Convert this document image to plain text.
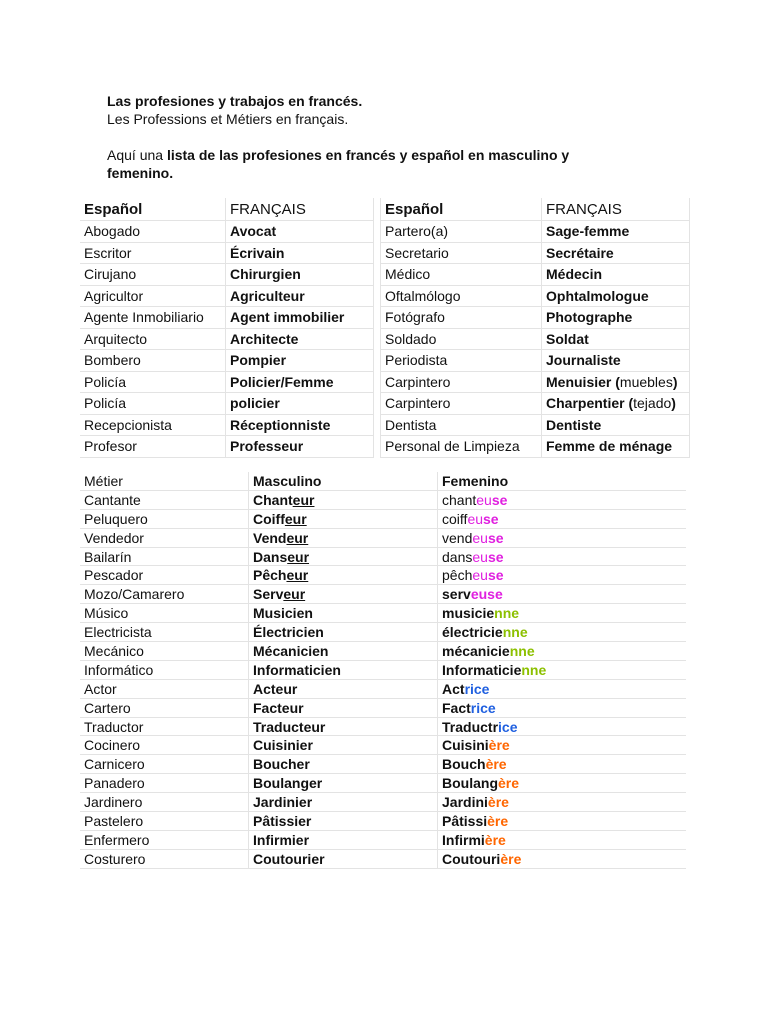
Las profesiones y trabajos en francés.
Les Professions et Métiers en français.
Aquí una lista de las profesiones en francés y español en masculino y femenino.
Español	FRANÇAIS		Español	FRANÇAIS
Abogado	Avocat		Partero(a)	Sage-femme
Escritor	Écrivain		Secretario	Secrétaire
Cirujano	Chirurgien		Médico	Médecin
Agricultor	Agriculteur		Oftalmólogo	Ophtalmologue
Agente Inmobiliario	Agent immobilier		Fotógrafo	Photographe
Arquitecto	Architecte		Soldado	Soldat
Bombero	Pompier		Periodista	Journaliste
Policía	Policier/Femme		Carpintero	Menuisier (muebles)
Policía	policier		Carpintero	Charpentier (tejado)
Recepcionista	Réceptionniste		Dentista	Dentiste
Profesor	Professeur		Personal de Limpieza	Femme de ménage
Métier	Masculino	Femenino
Cantante	Chanteur	chanteuse
Peluquero	Coiffeur	coiffeuse
Vendedor	Vendeur	vendeuse
Bailarín	Danseur	danseuse
Pescador	Pêcheur	pêcheuse
Mozo/Camarero	Serveur	serveuse
Músico	Musicien	musicienne
Electricista	Électricien	électricienne
Mecánico	Mécanicien	mécanicienne
Informático	Informaticien	Informaticienne
Actor	Acteur	Actrice
Cartero	Facteur	Factrice
Traductor	Traducteur	Traductrice
Cocinero	Cuisinier	Cuisinière
Carnicero	Boucher	Bouchère
Panadero	Boulanger	Boulangère
Jardinero	Jardinier	Jardinière
Pastelero	Pâtissier	Pâtissière
Enfermero	Infirmier	Infirmière
Costurero	Coutourier	Coutourière
